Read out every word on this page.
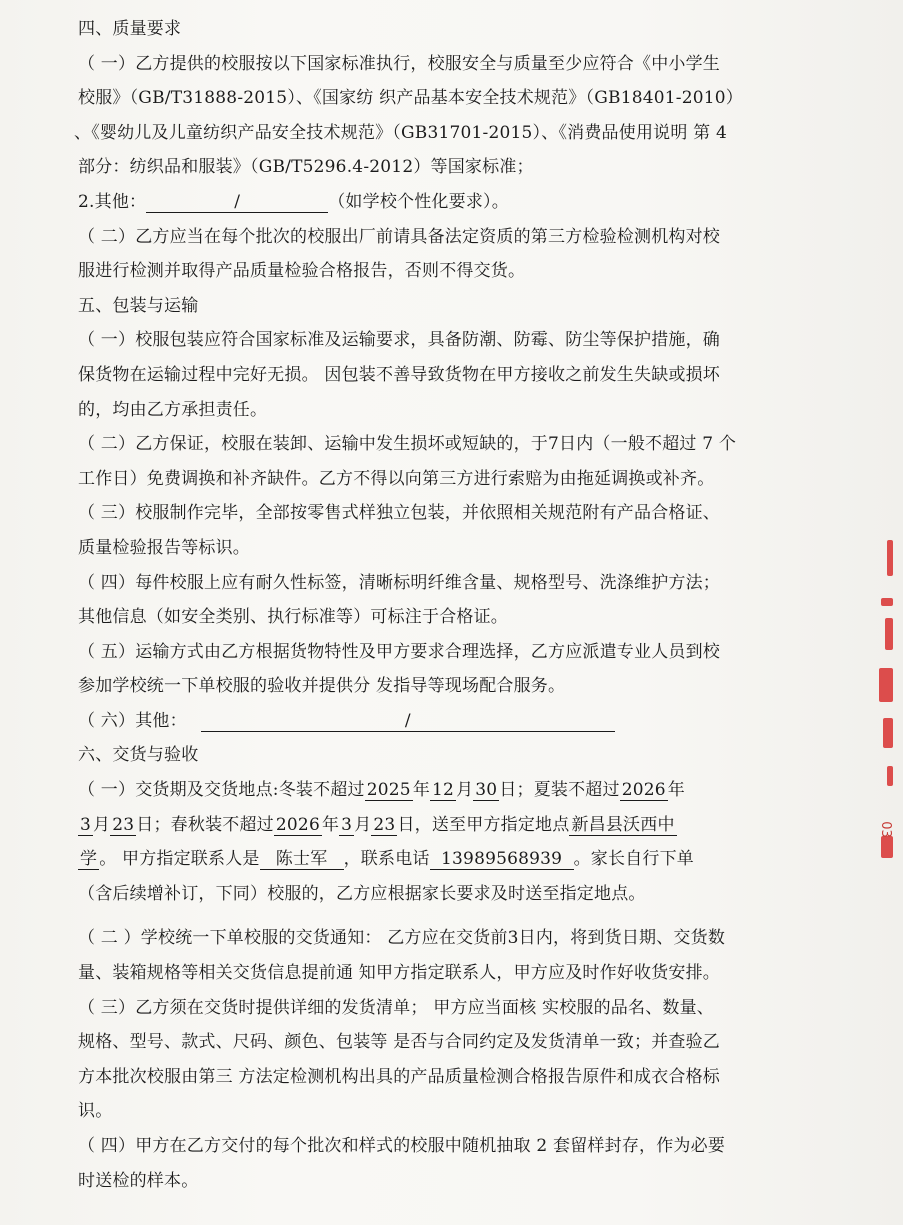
四、质量要求
（ 一）乙方提供的校服按以下国家标准执行，校服安全与质量至少应符合《中小学生
校服》（GB/T31888-2015）、《国家纺 织产品基本安全技术规范》（GB18401-2010）
、《婴幼儿及儿童纺织产品安全技术规范》（GB31701-2015）、《消费品使用说明 第 4
部分：纺织品和服装》（GB/T5296.4-2012）等国家标准；
2.其他：	/	（如学校个性化要求）。
（ 二）乙方应当在每个批次的校服出厂前请具备法定资质的第三方检验检测机构对校
服进行检测并取得产品质量检验合格报告，否则不得交货。
五、包装与运输
（ 一）校服包装应符合国家标准及运输要求，具备防潮、防霉、防尘等保护措施，确
保货物在运输过程中完好无损。 因包装不善导致货物在甲方接收之前发生失缺或损坏
的，均由乙方承担责任。
（ 二）乙方保证，校服在装卸、运输中发生损坏或短缺的，于7日内（一般不超过 7 个
工作日）免费调换和补齐缺件。乙方不得以向第三方进行索赔为由拖延调换或补齐。
（ 三）校服制作完毕，全部按零售式样独立包装，并依照相关规范附有产品合格证、
质量检验报告等标识。
（ 四）每件校服上应有耐久性标签，清晰标明纤维含量、规格型号、洗涤维护方法；
其他信息（如安全类别、执行标准等）可标注于合格证。
（ 五）运输方式由乙方根据货物特性及甲方要求合理选择，乙方应派遣专业人员到校
参加学校统一下单校服的验收并提供分 发指导等现场配合服务。
（ 六）其他：	/
六、交货与验收
（ 一）交货期及交货地点:冬装不超过 2025 年 12 月 30 日；夏装不超过 2026 年
3 月 23 日；春秋装不超过 2026 年 3 月 23 日，送至甲方指定地点 新昌县沃西中
学 。 甲方指定联系人是 陈士军 ，联系电话 13989568939 。家长自行下单
（含后续增补订，下同）校服的，乙方应根据家长要求及时送至指定地点。
（ 二 ）学校统一下单校服的交货通知： 乙方应在交货前3日内，将到货日期、交货数
量、装箱规格等相关交货信息提前通 知甲方指定联系人，甲方应及时作好收货安排。
（ 三）乙方须在交货时提供详细的发货清单； 甲方应当面核 实校服的品名、数量、
规格、型号、款式、尺码、颜色、包装等 是否与合同约定及发货清单一致；并查验乙
方本批次校服由第三 方法定检测机构出具的产品质量检测合格报告原件和成衣合格标
识。
（ 四）甲方在乙方交付的每个批次和样式的校服中随机抽取 2 套留样封存，作为必要
时送检的样本。
03
